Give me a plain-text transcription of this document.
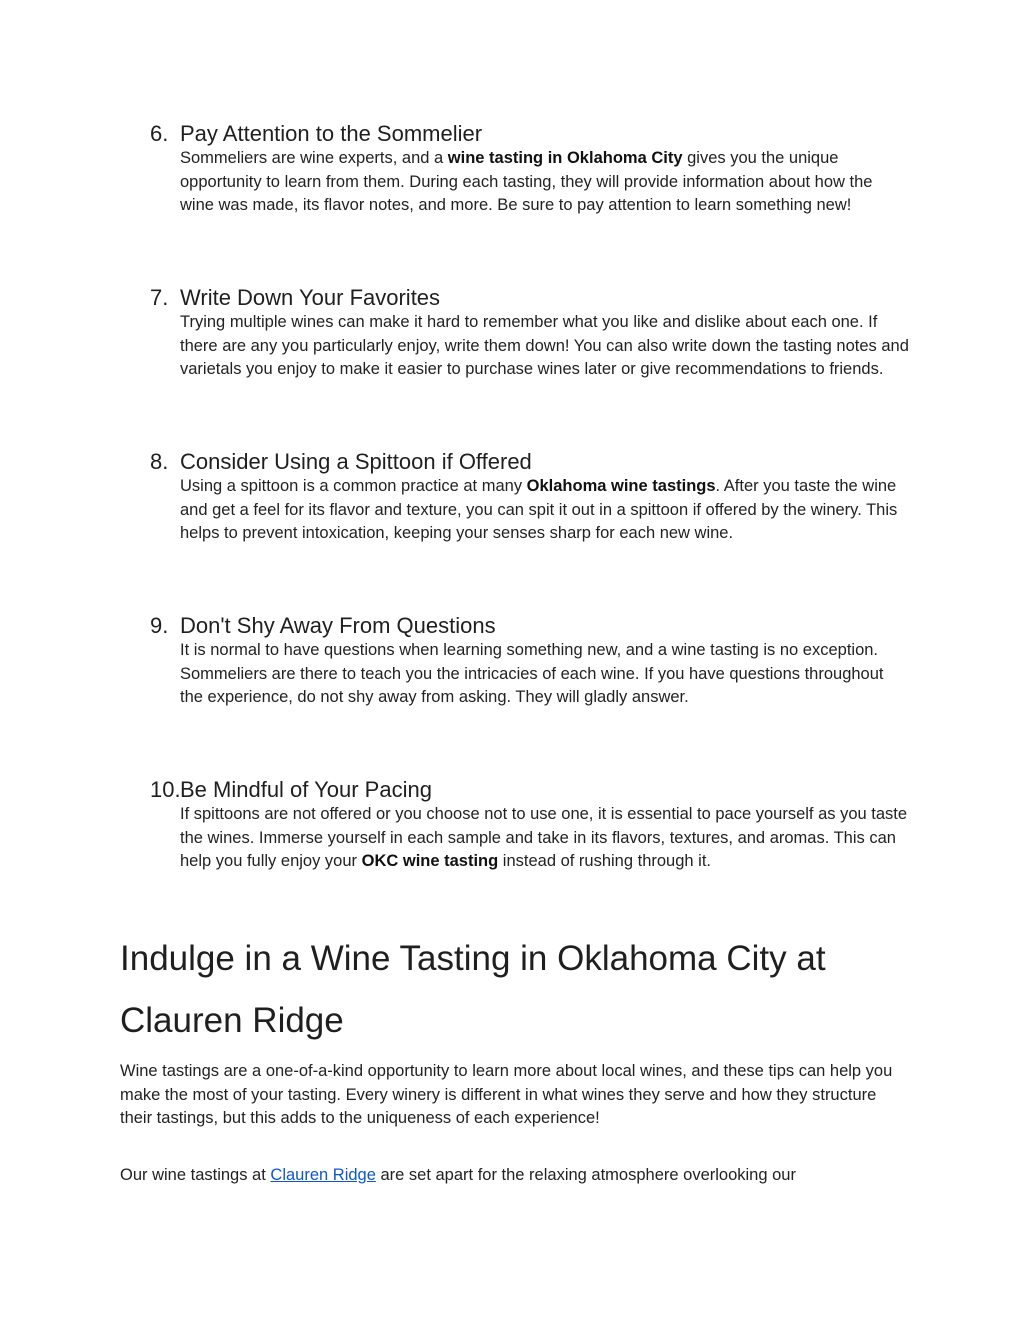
6. Pay Attention to the Sommelier
Sommeliers are wine experts, and a wine tasting in Oklahoma City gives you the unique opportunity to learn from them. During each tasting, they will provide information about how the wine was made, its flavor notes, and more. Be sure to pay attention to learn something new!
7. Write Down Your Favorites
Trying multiple wines can make it hard to remember what you like and dislike about each one. If there are any you particularly enjoy, write them down! You can also write down the tasting notes and varietals you enjoy to make it easier to purchase wines later or give recommendations to friends.
8. Consider Using a Spittoon if Offered
Using a spittoon is a common practice at many Oklahoma wine tastings. After you taste the wine and get a feel for its flavor and texture, you can spit it out in a spittoon if offered by the winery. This helps to prevent intoxication, keeping your senses sharp for each new wine.
9. Don't Shy Away From Questions
It is normal to have questions when learning something new, and a wine tasting is no exception. Sommeliers are there to teach you the intricacies of each wine. If you have questions throughout the experience, do not shy away from asking. They will gladly answer.
10. Be Mindful of Your Pacing
If spittoons are not offered or you choose not to use one, it is essential to pace yourself as you taste the wines. Immerse yourself in each sample and take in its flavors, textures, and aromas. This can help you fully enjoy your OKC wine tasting instead of rushing through it.
Indulge in a Wine Tasting in Oklahoma City at Clauren Ridge

Wine tastings are a one-of-a-kind opportunity to learn more about local wines, and these tips can help you make the most of your tasting. Every winery is different in what wines they serve and how they structure their tastings, but this adds to the uniqueness of each experience!

Our wine tastings at Clauren Ridge are set apart for the relaxing atmosphere overlooking our
